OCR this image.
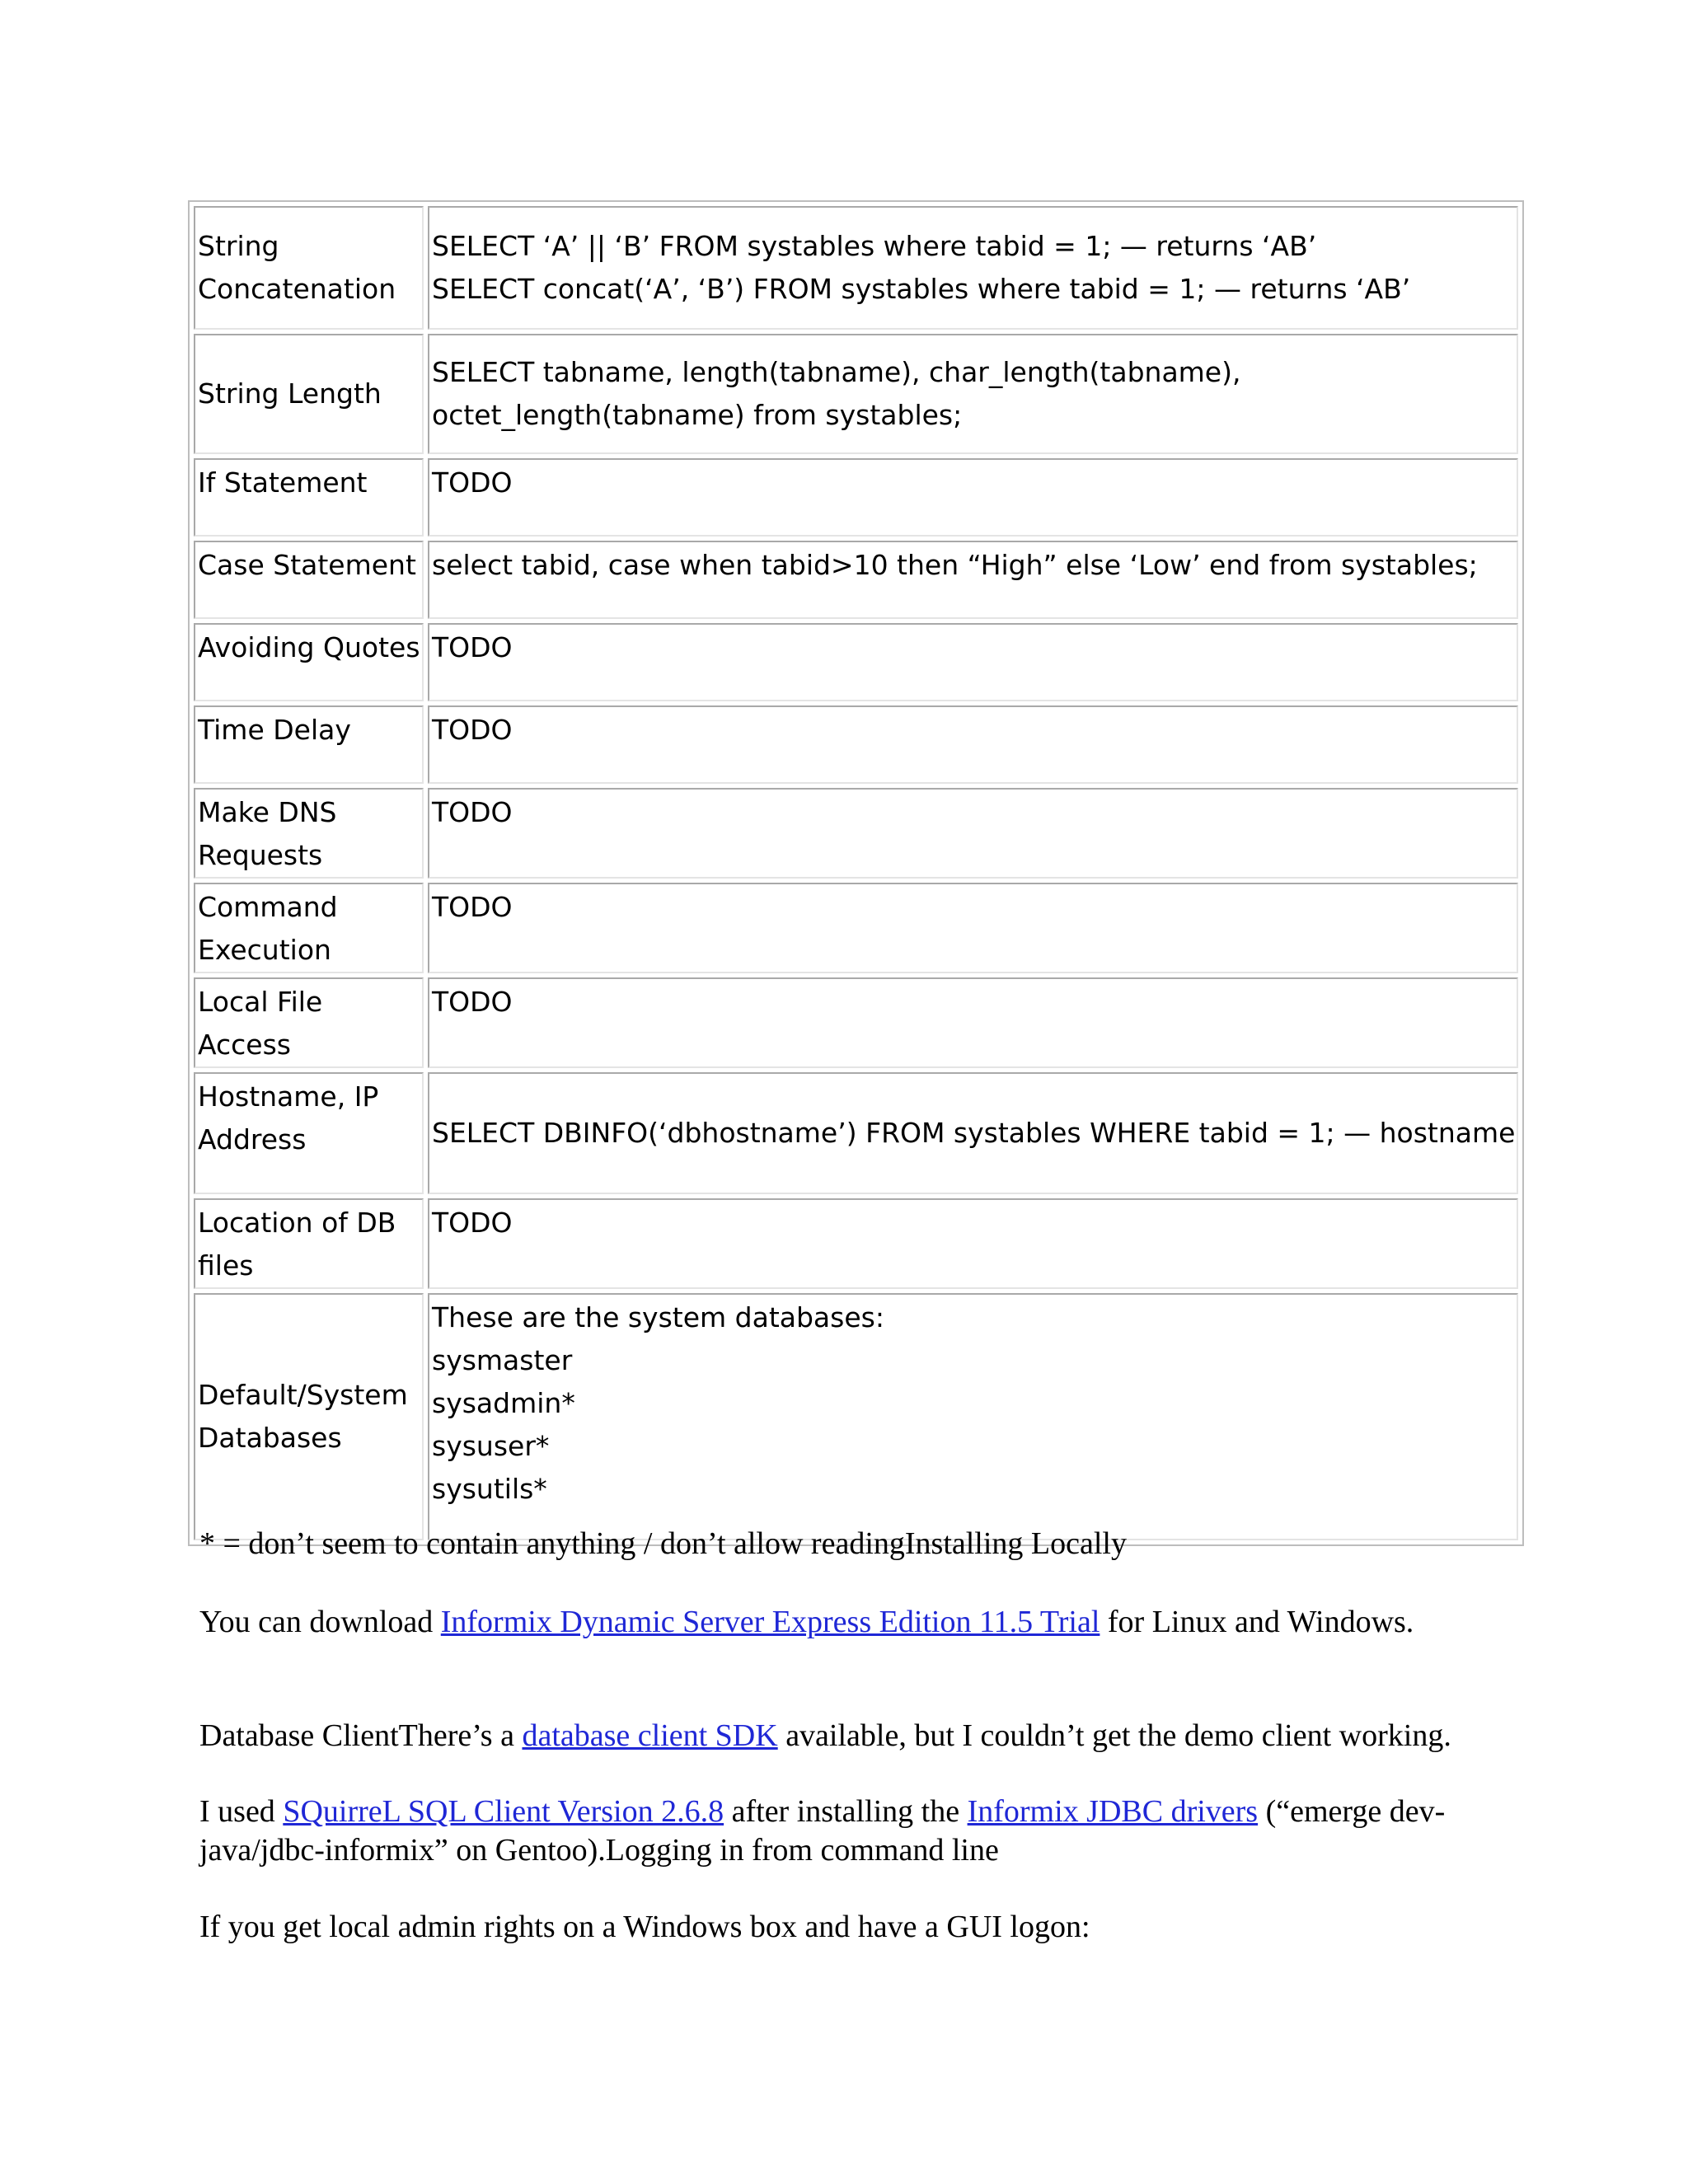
String Concatenation	SELECT ‘A’ || ‘B’ FROM systables where tabid = 1; — returns ‘AB’
SELECT concat(‘A’, ‘B’) FROM systables where tabid = 1; — returns ‘AB’

String Length	SELECT tabname, length(tabname), char_length(tabname),
octet_length(tabname) from systables;

If Statement	TODO

Case Statement	select tabid, case when tabid>10 then “High” else ‘Low’ end from systables;

Avoiding Quotes	TODO

Time Delay	TODO

Make DNS Requests	TODO

Command Execution	TODO

Local File Access	TODO

Hostname, IP Address	SELECT DBINFO(‘dbhostname’) FROM systables WHERE tabid = 1; — hostname

Location of DB files	TODO

Default/System Databases	These are the system databases:
sysmaster
sysadmin*
sysuser*
sysutils*

* = don’t seem to contain anything / don’t allow readingInstalling Locally

You can download Informix Dynamic Server Express Edition 11.5 Trial for Linux and Windows.

Database ClientThere’s a database client SDK available, but I couldn’t get the demo client working.

I used SQuirreL SQL Client Version 2.6.8 after installing the Informix JDBC drivers (“emerge dev-java/jdbc-informix” on Gentoo).Logging in from command line

If you get local admin rights on a Windows box and have a GUI logon:
